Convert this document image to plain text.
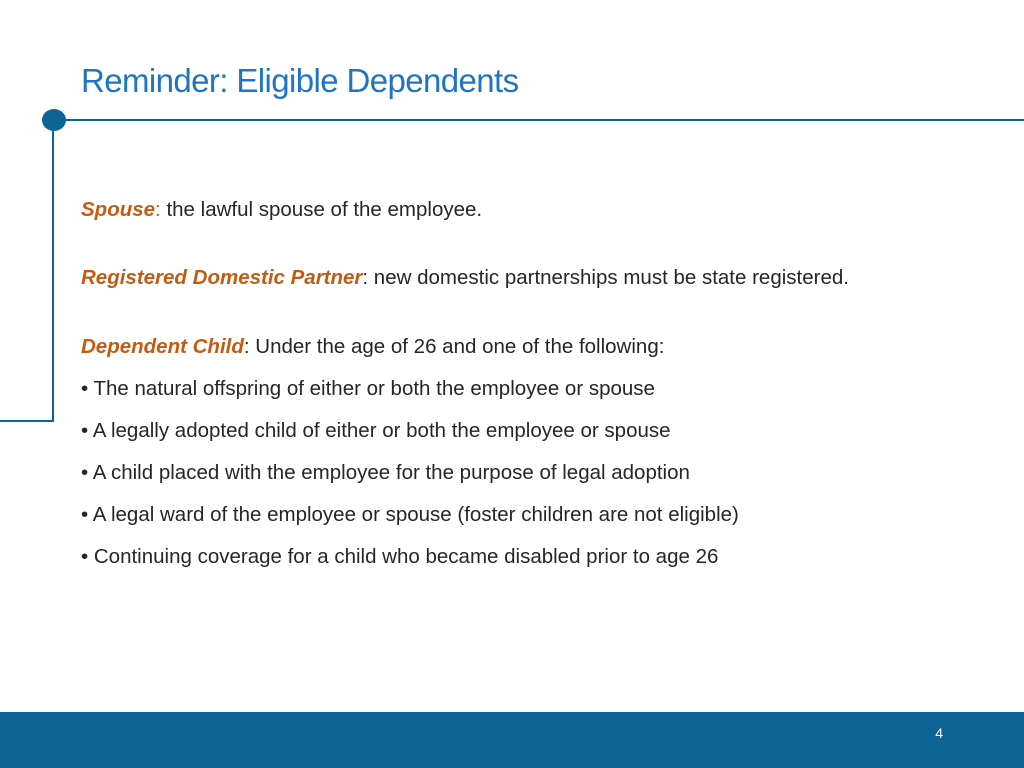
Reminder: Eligible Dependents

Spouse: the lawful spouse of the employee.

Registered Domestic Partner: new domestic partnerships must be state registered.

Dependent Child: Under the age of 26 and one of the following:

• The natural offspring of either or both the employee or spouse
• A legally adopted child of either or both the employee or spouse
• A child placed with the employee for the purpose of legal adoption
• A legal ward of the employee or spouse (foster children are not eligible)
• Continuing coverage for a child who became disabled prior to age 26
4
